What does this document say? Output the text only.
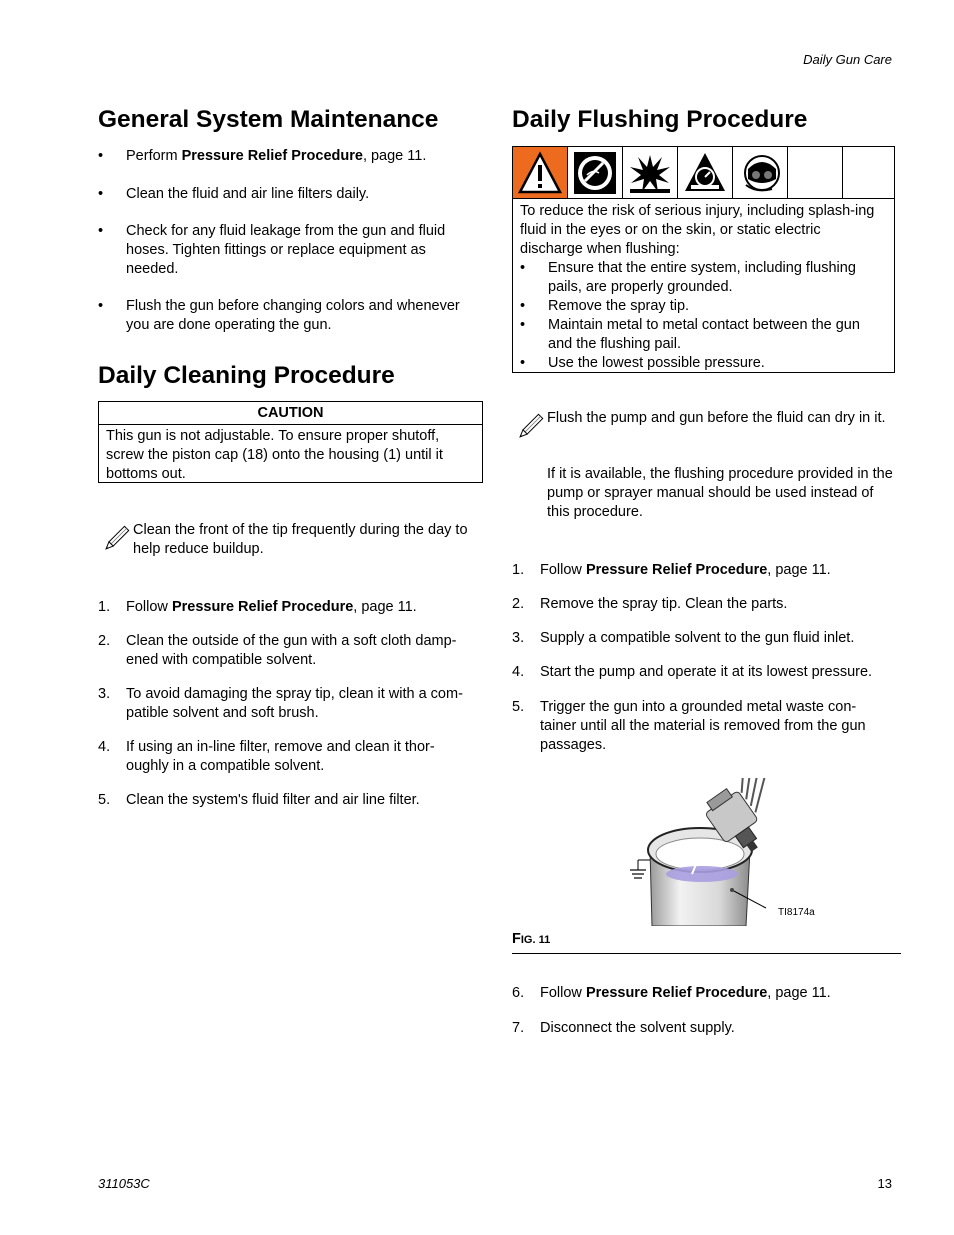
Daily Gun Care
311053C	13
General System Maintenance
• Perform Pressure Relief Procedure, page 11.
• Clean the fluid and air line filters daily.
• Check for any fluid leakage from the gun and fluid hoses. Tighten fittings or replace equipment as needed.
• Flush the gun before changing colors and whenever you are done operating the gun.
Daily Cleaning Procedure
CAUTION
This gun is not adjustable. To ensure proper shutoff, screw the piston cap (18) onto the housing (1) until it bottoms out.
Clean the front of the tip frequently during the day to help reduce buildup.
1. Follow Pressure Relief Procedure, page 11.
2. Clean the outside of the gun with a soft cloth damp-ened with compatible solvent.
3. To avoid damaging the spray tip, clean it with a com-patible solvent and soft brush.
4. If using an in-line filter, remove and clean it thor-oughly in a compatible solvent.
5. Clean the system's fluid filter and air line filter.
Daily Flushing Procedure
To reduce the risk of serious injury, including splash-ing fluid in the eyes or on the skin, or static electric discharge when flushing:
• Ensure that the entire system, including flushing pails, are properly grounded.
• Remove the spray tip.
• Maintain metal to metal contact between the gun and the flushing pail.
• Use the lowest possible pressure.
Flush the pump and gun before the fluid can dry in it.
If it is available, the flushing procedure provided in the pump or sprayer manual should be used instead of this procedure.
1. Follow Pressure Relief Procedure, page 11.
2. Remove the spray tip. Clean the parts.
3. Supply a compatible solvent to the gun fluid inlet.
4. Start the pump and operate it at its lowest pressure.
5. Trigger the gun into a grounded metal waste con-tainer until all the material is removed from the gun passages.
TI8174a
FIG. 11
6. Follow Pressure Relief Procedure, page 11.
7. Disconnect the solvent supply.
